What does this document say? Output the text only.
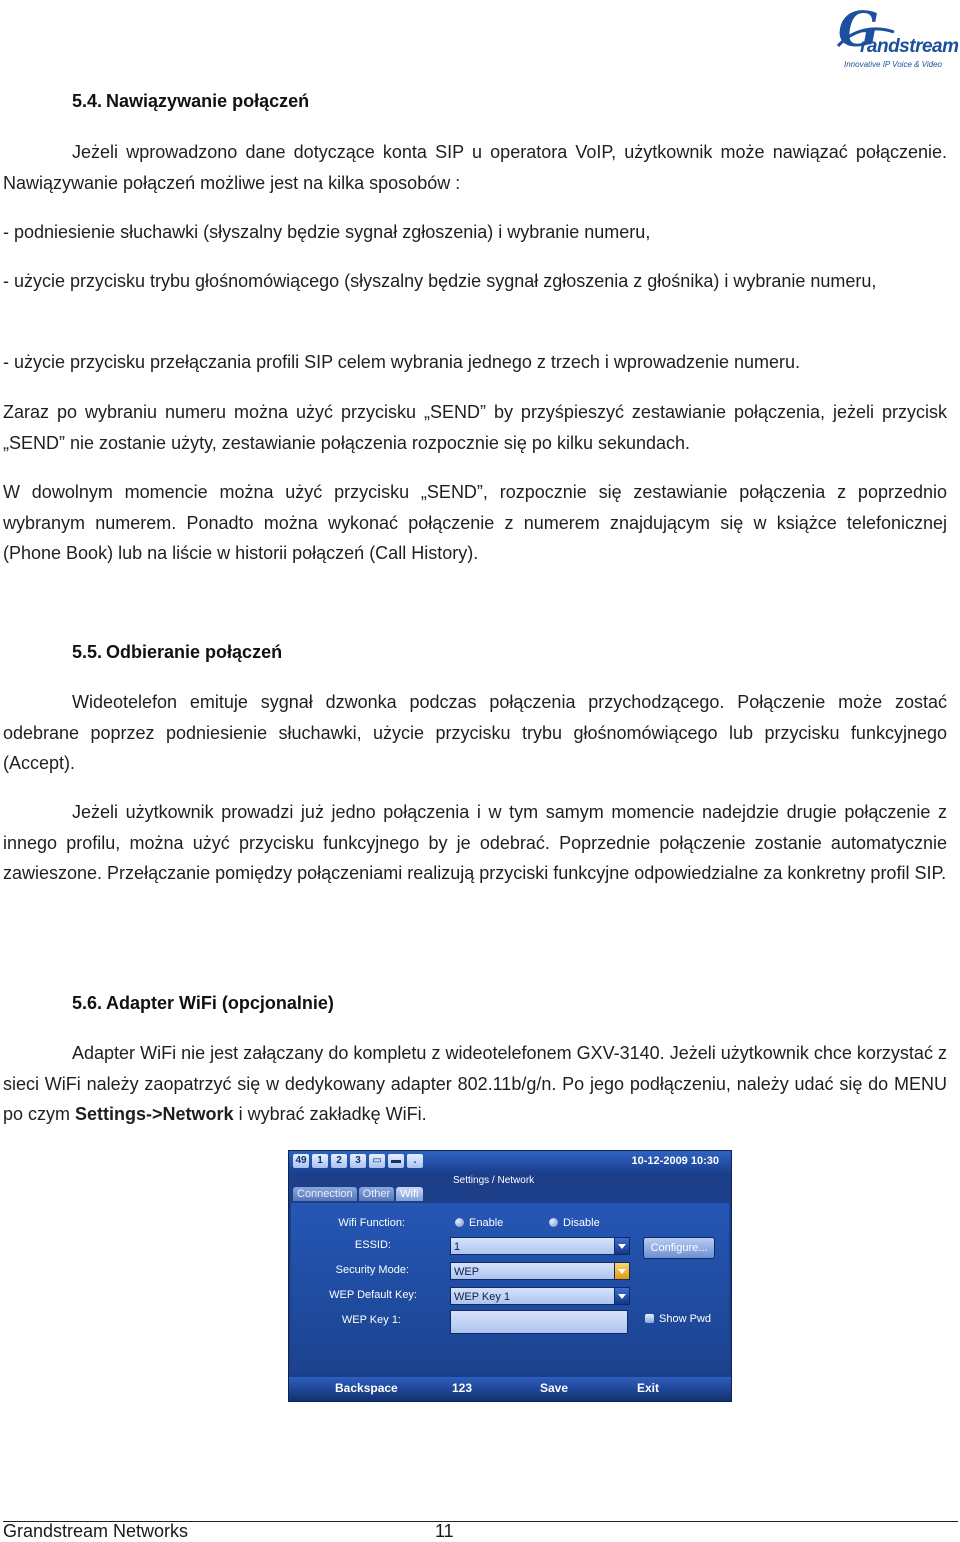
G
randstream
Innovative IP Voice & Video
5.4. Nawiązywanie połączeń
Jeżeli wprowadzono dane dotyczące konta SIP u operatora VoIP, użytkownik może nawiązać połączenie. Nawiązywanie połączeń możliwe jest na kilka sposobów :
- podniesienie słuchawki (słyszalny będzie sygnał zgłoszenia) i wybranie numeru,
- użycie przycisku trybu głośnomówiącego (słyszalny będzie sygnał zgłoszenia z głośnika) i wybranie numeru,
- użycie przycisku przełączania profili SIP celem wybrania jednego z trzech i wprowadzenie numeru.
Zaraz po wybraniu numeru można użyć przycisku „SEND” by przyśpieszyć zestawianie połączenia, jeżeli przycisk „SEND” nie zostanie użyty, zestawianie połączenia rozpocznie się po kilku sekundach.
W dowolnym momencie można użyć przycisku „SEND”, rozpocznie się zestawianie połączenia z poprzednio wybranym numerem. Ponadto można wykonać połączenie z numerem znajdującym się w książce telefonicznej (Phone Book) lub na liście w historii połączeń (Call History).
5.5. Odbieranie połączeń
Wideotelefon emituje sygnał dzwonka podczas połączenia przychodzącego. Połączenie może zostać odebrane poprzez podniesienie słuchawki, użycie przycisku trybu głośnomówiącego lub przycisku funkcyjnego (Accept).
Jeżeli użytkownik prowadzi już jedno połączenia i w tym samym momencie nadejdzie drugie połączenie z innego profilu, można użyć przycisku funkcyjnego by je odebrać. Poprzednie połączenie zostanie automatycznie zawieszone. Przełączanie pomiędzy połączeniami realizują przyciski funkcyjne odpowiedzialne za konkretny profil SIP.
5.6. Adapter WiFi (opcjonalnie)
Adapter WiFi nie jest załączany do kompletu z wideotelefonem GXV-3140. Jeżeli użytkownik chce korzystać z sieci WiFi należy zaopatrzyć się w dedykowany adapter 802.11b/g/n. Po jego podłączeniu, należy udać się do MENU po czym Settings->Network i wybrać zakładkę WiFi.
49	1	2	3	▭ ▬	.	10-12-2009 10:30
Settings / Network
Connection Other Wifi
Wifi Function:	Enable	Disable
ESSID:	1	Configure...
Security Mode:	WEP
WEP Default Key:	WEP Key 1
WEP Key 1:	Show Pwd
Backspace	123	Save	Exit
Grandstream Networks	11
